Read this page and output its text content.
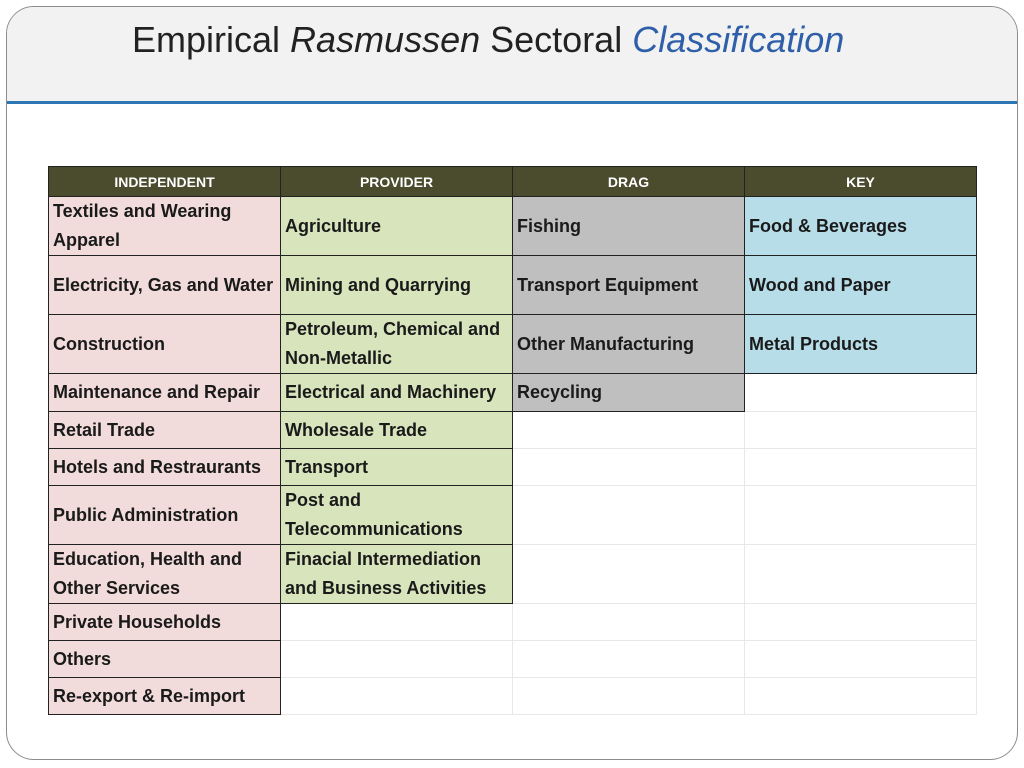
Empirical Rasmussen Sectoral Classification
INDEPENDENT	PROVIDER	DRAG	KEY
Textiles and Wearing Apparel	Agriculture	Fishing	Food & Beverages
Electricity, Gas and Water	Mining and Quarrying	Transport Equipment	Wood and Paper
Construction	Petroleum, Chemical and Non-Metallic	Other Manufacturing	Metal Products
Maintenance and Repair	Electrical and Machinery	Recycling	
Retail Trade	Wholesale Trade		
Hotels and Restraurants	Transport		
Public Administration	Post and Telecommunications		
Education, Health and Other Services	Finacial Intermediation and Business Activities		
Private Households			
Others			
Re-export & Re-import			
